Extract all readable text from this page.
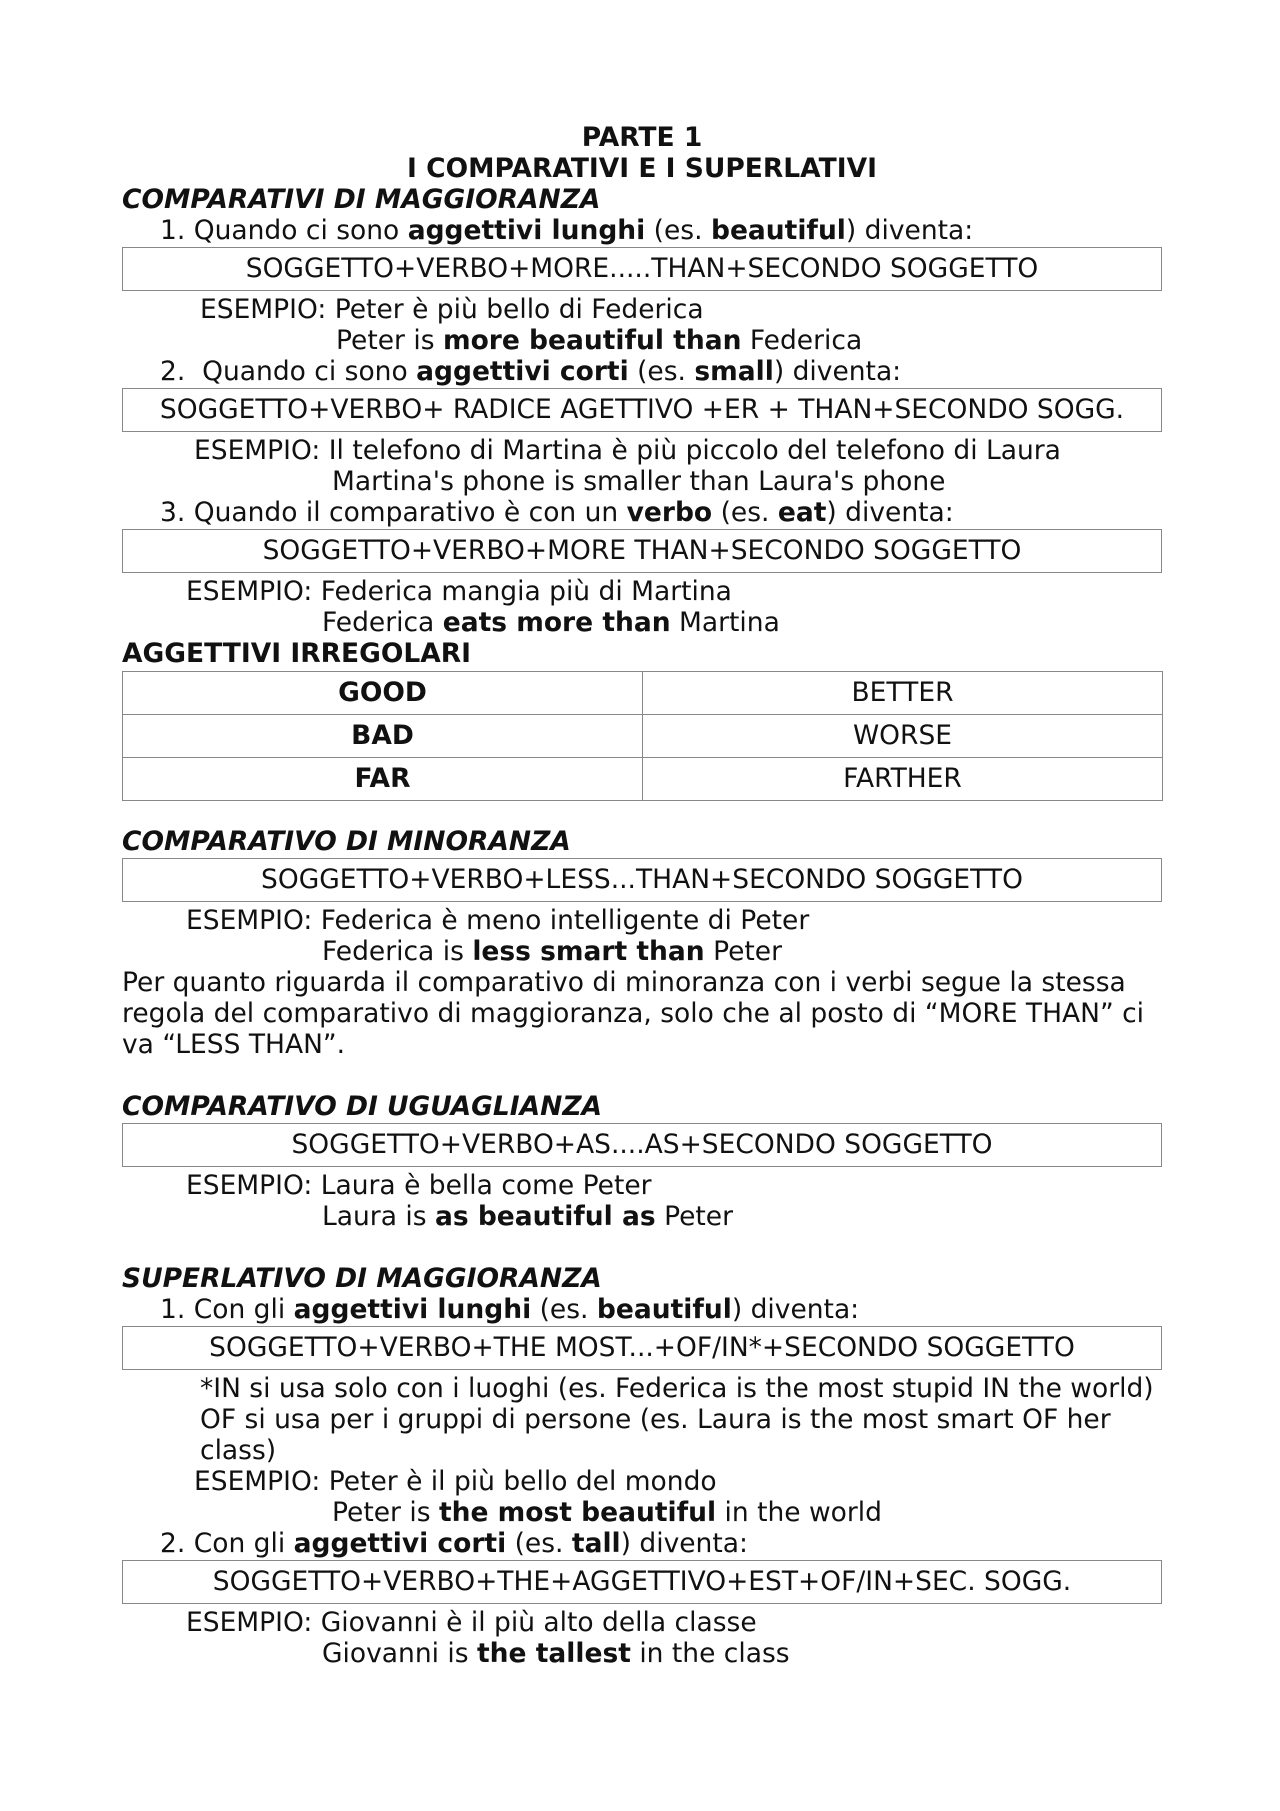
PARTE 1

I COMPARATIVI E I SUPERLATIVI

COMPARATIVI DI MAGGIORANZA

1. Quando ci sono aggettivi lunghi (es. beautiful) diventa:

SOGGETTO+VERBO+MORE.....THAN+SECONDO SOGGETTO

ESEMPIO: Peter è più bello di Federica

Peter is more beautiful than Federica

2. Quando ci sono aggettivi corti (es. small) diventa:

SOGGETTO+VERBO+ RADICE AGETTIVO +ER + THAN+SECONDO SOGG.

ESEMPIO: Il telefono di Martina è più piccolo del telefono di Laura

Martina's phone is smaller than Laura's phone

3. Quando il comparativo è con un verbo (es. eat) diventa:

SOGGETTO+VERBO+MORE THAN+SECONDO SOGGETTO

ESEMPIO: Federica mangia più di Martina

Federica eats more than Martina

AGGETTIVI IRREGOLARI

GOOD	BETTER
BAD	WORSE
FAR	FARTHER

COMPARATIVO DI MINORANZA

SOGGETTO+VERBO+LESS...THAN+SECONDO SOGGETTO

ESEMPIO: Federica è meno intelligente di Peter

Federica is less smart than Peter

Per quanto riguarda il comparativo di minoranza con i verbi segue la stessa regola del comparativo di maggioranza, solo che al posto di “MORE THAN” ci va “LESS THAN”.

COMPARATIVO DI UGUAGLIANZA

SOGGETTO+VERBO+AS....AS+SECONDO SOGGETTO

ESEMPIO: Laura è bella come Peter

Laura is as beautiful as Peter

SUPERLATIVO DI MAGGIORANZA

1. Con gli aggettivi lunghi (es. beautiful) diventa:

SOGGETTO+VERBO+THE MOST...+OF/IN*+SECONDO SOGGETTO

*IN si usa solo con i luoghi (es. Federica is the most stupid IN the world) OF si usa per i gruppi di persone (es. Laura is the most smart OF her class)

ESEMPIO: Peter è il più bello del mondo

Peter is the most beautiful in the world

2. Con gli aggettivi corti (es. tall) diventa:

SOGGETTO+VERBO+THE+AGGETTIVO+EST+OF/IN+SEC. SOGG.

ESEMPIO: Giovanni è il più alto della classe

Giovanni is the tallest in the class
